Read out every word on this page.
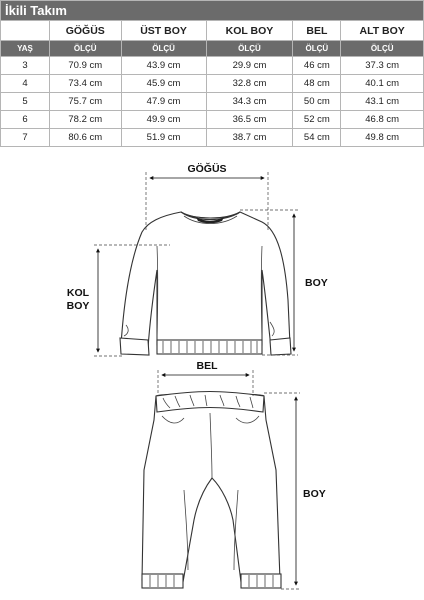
İkili Takım					
	GÖĞÜS	ÜST BOY	KOL BOY	BEL	ALT BOY
YAŞ	ÖLÇÜ	ÖLÇÜ	ÖLÇÜ	ÖLÇÜ	ÖLÇÜ
3	70.9 cm	43.9 cm	29.9 cm	46 cm	37.3 cm
4	73.4 cm	45.9 cm	32.8 cm	48 cm	40.1 cm
5	75.7 cm	47.9 cm	34.3 cm	50 cm	43.1 cm
6	78.2 cm	49.9 cm	36.5 cm	52 cm	46.8 cm
7	80.6 cm	51.9 cm	38.7 cm	54 cm	49.8 cm
GÖĞÜS
KOL
BOY
BOY
BEL
BOY
